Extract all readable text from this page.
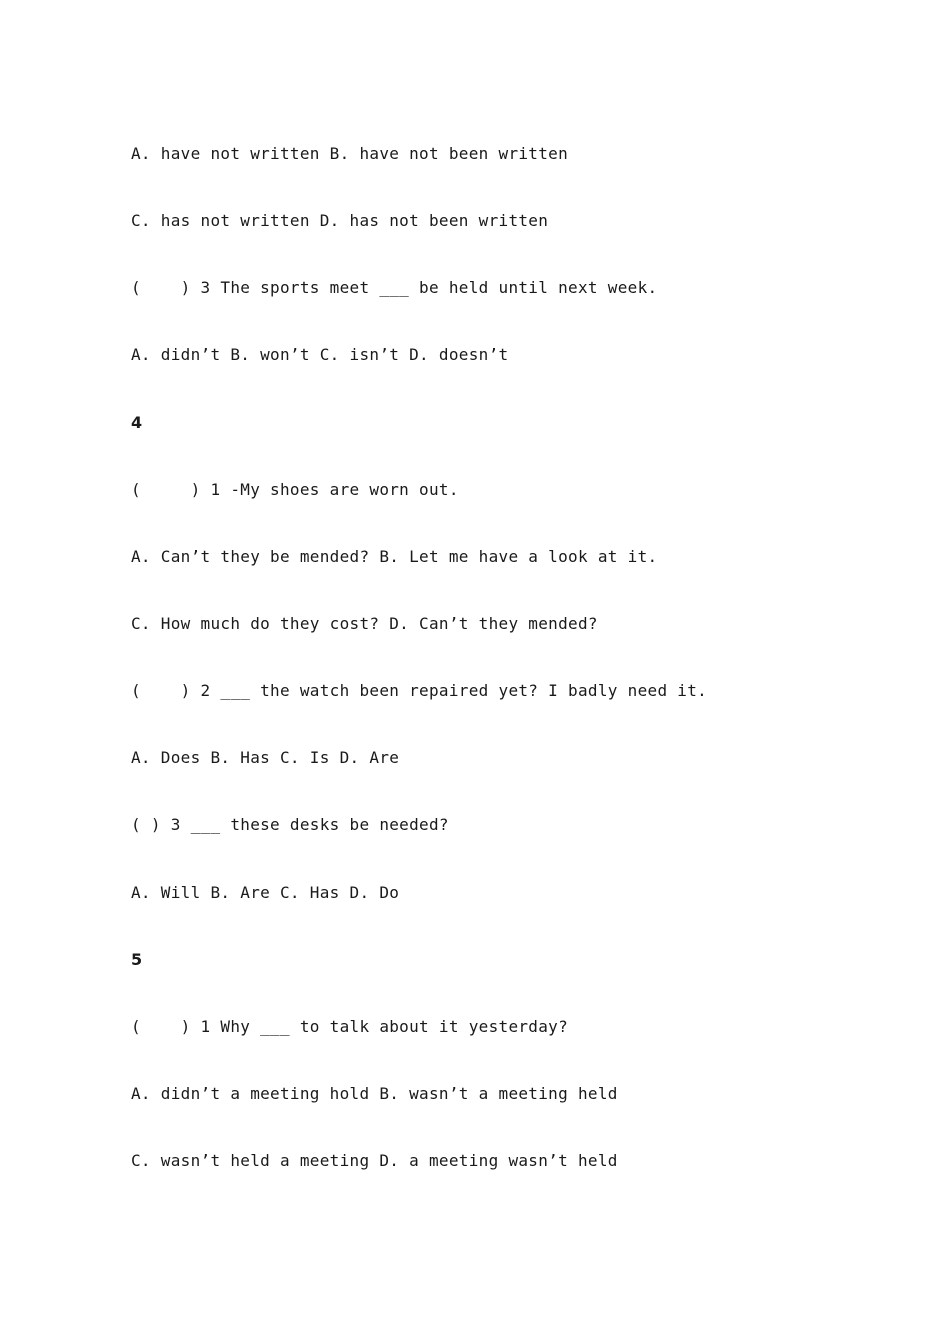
A. have not written B. have not been written
C. has not written D. has not been written
(    ) 3 The sports meet ___ be held until next week.
A. didn’t B. won’t C. isn’t D. doesn’t
4
(     ) 1 -My shoes are worn out.
A. Can’t they be mended? B. Let me have a look at it.
C. How much do they cost? D. Can’t they mended?
(    ) 2 ___ the watch been repaired yet? I badly need it.
A. Does B. Has C. Is D. Are
( ) 3 ___ these desks be needed?
A. Will B. Are C. Has D. Do
5
(    ) 1 Why ___ to talk about it yesterday?
A. didn’t a meeting hold B. wasn’t a meeting held
C. wasn’t held a meeting D. a meeting wasn’t held
